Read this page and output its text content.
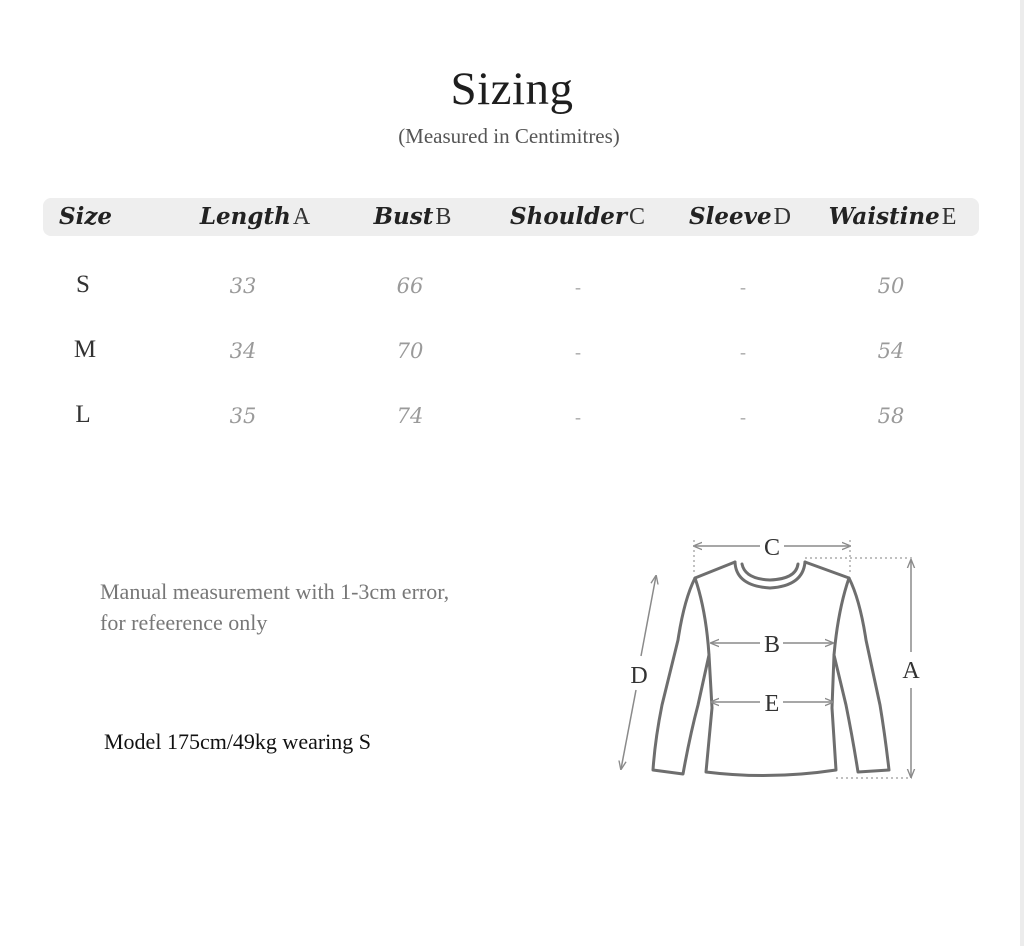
Sizing
(Measured in Centimitres)
Size	LengthA	BustB	ShoulderC	SleeveD	WaistineE
S	33	66	-	-	50
M	34	70	-	-	54
L	35	74	-	-	58
Manual measurement with 1-3cm error,
for refeerence only
Model 175cm/49kg wearing S
C
B
E
A
D
